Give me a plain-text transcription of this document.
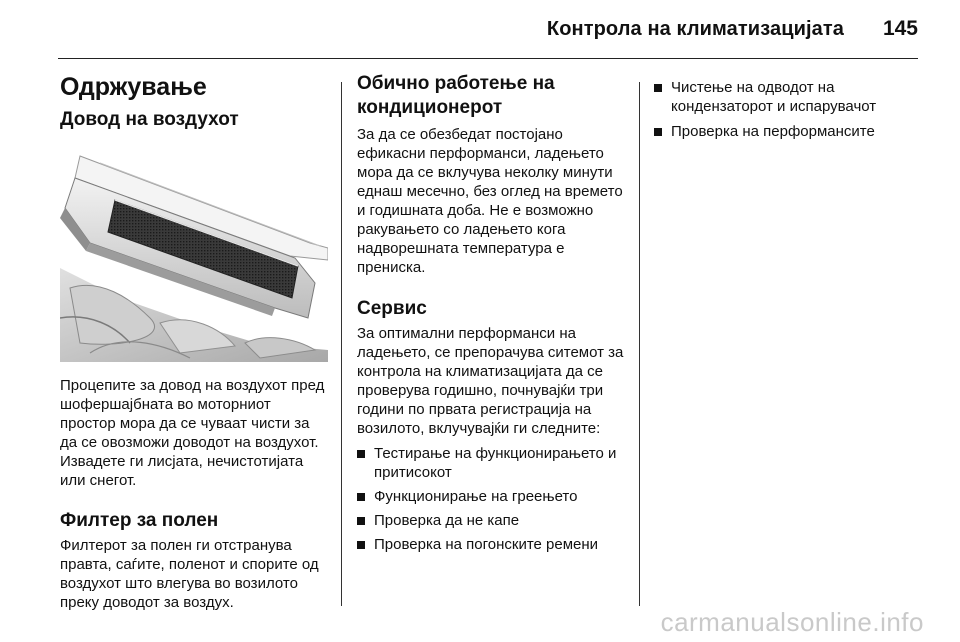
Контрола на климатизацијата 145
Одржување
Довод на воздухот

Процепите за довод на воздухот пред шофершајбната во моторниот простор мора да се чуваат чисти за да се овозможи доводот на воздухот. Извадете ги лисјата, нечистотијата или снегот.

Филтер за полен

Филтерот за полен ги отстранува правта, саѓите, поленот и спорите од воздухот што влегува во возилото преку доводот за воздух.

Обично работење на кондиционерот

За да се обезбедат постојано ефикасни перформанси, ладењето мора да се вклучува неколку минути еднаш месечно, без оглед на времето и годишната доба. Не е возможно ракувањето со ладењето кога надворешната температура е прениска.

Сервис

За оптимални перформанси на ладењето, се препорачува ситемот за контрола на климатизацијата да се проверува годишно, почнувајќи три години по првата регистрација на возилото, вклучувајќи ги следните:

Тестирање на функционирањето и притисокот
Функционирање на греењето
Проверка да не капе
Проверка на погонските ремени
Чистење на одводот на кондензаторот и испарувачот
Проверка на перформансите
carmanualsonline.info
